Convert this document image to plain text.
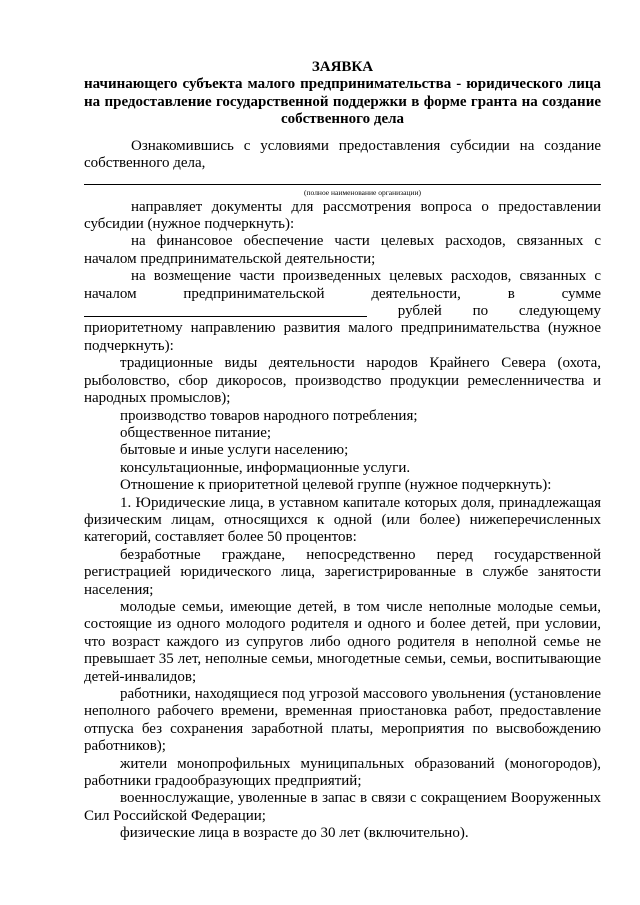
ЗАЯВКА
начинающего субъекта малого предпринимательства - юридического лица на предоставление государственной поддержки в форме гранта на создание собственного дела

Ознакомившись с условиями предоставления субсидии на создание собственного дела,

(полное наименование организации)

направляет документы для рассмотрения вопроса о предоставлении субсидии (нужное подчеркнуть):

на финансовое обеспечение части целевых расходов, связанных с началом предпринимательской деятельности;

на возмещение части произведенных целевых расходов, связанных с началом предпринимательской деятельности, в сумме  рублей по следующему приоритетному направлению развития малого предпринимательства (нужное подчеркнуть):

традиционные виды деятельности народов Крайнего Севера (охота, рыболовство, сбор дикоросов, производство продукции ремесленничества и народных промыслов);

производство товаров народного потребления;

общественное питание;

бытовые и иные услуги населению;

консультационные, информационные услуги.

Отношение к приоритетной целевой группе (нужное подчеркнуть):

1. Юридические лица, в уставном капитале которых доля, принадлежащая физическим лицам, относящихся к одной (или более) нижеперечисленных категорий, составляет более 50 процентов:

безработные граждане, непосредственно перед государственной регистрацией юридического лица, зарегистрированные в службе занятости населения;

молодые семьи, имеющие детей, в том числе неполные молодые семьи, состоящие из одного молодого родителя и одного и более детей, при условии, что возраст каждого из супругов либо одного родителя в неполной семье не превышает 35 лет, неполные семьи, многодетные семьи, семьи, воспитывающие детей-инвалидов;

работники, находящиеся под угрозой массового увольнения (установление неполного рабочего времени, временная приостановка работ, предоставление отпуска без сохранения заработной платы, мероприятия по высвобождению работников);

жители монопрофильных муниципальных образований (моногородов), работники градообразующих предприятий;

военнослужащие, уволенные в запас в связи с сокращением Вооруженных Сил Российской Федерации;

физические лица в возрасте до 30 лет (включительно).
